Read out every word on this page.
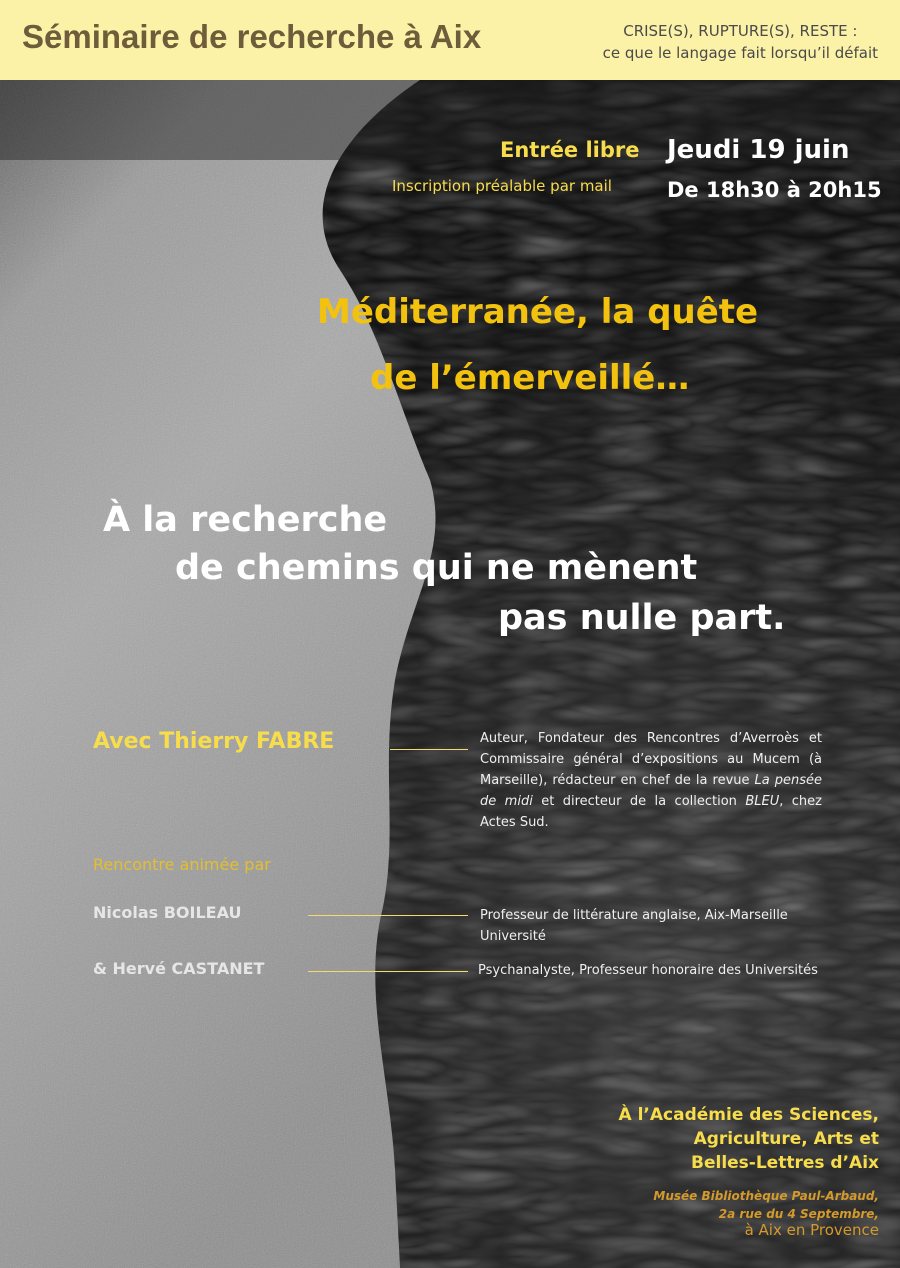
Séminaire de recherche à Aix	CRISE(S), RUPTURE(S), RESTE :
ce que le langage fait lorsqu’il défait
Entrée libre
Inscription préalable par mail
Jeudi 19 juin
De 18h30 à 20h15
Méditerranée, la quête
de l’émerveillé…
À la recherche
de chemins qui ne mènent
pas nulle part.
Avec Thierry FABRE	Auteur, Fondateur des Rencontres d’Averroès et Commissaire général d’expositions au Mucem (à Marseille), rédacteur en chef de la revue La pensée de midi et directeur de la collection BLEU, chez Actes Sud.
Rencontre animée par
Nicolas BOILEAU	Professeur de littérature anglaise, Aix-Marseille Université
& Hervé CASTANET	Psychanalyste, Professeur honoraire des Universités
À l’Académie des Sciences,
Agriculture, Arts et
Belles-Lettres d’Aix
Musée Bibliothèque Paul-Arbaud,
2a rue du 4 Septembre,
à Aix en Provence
